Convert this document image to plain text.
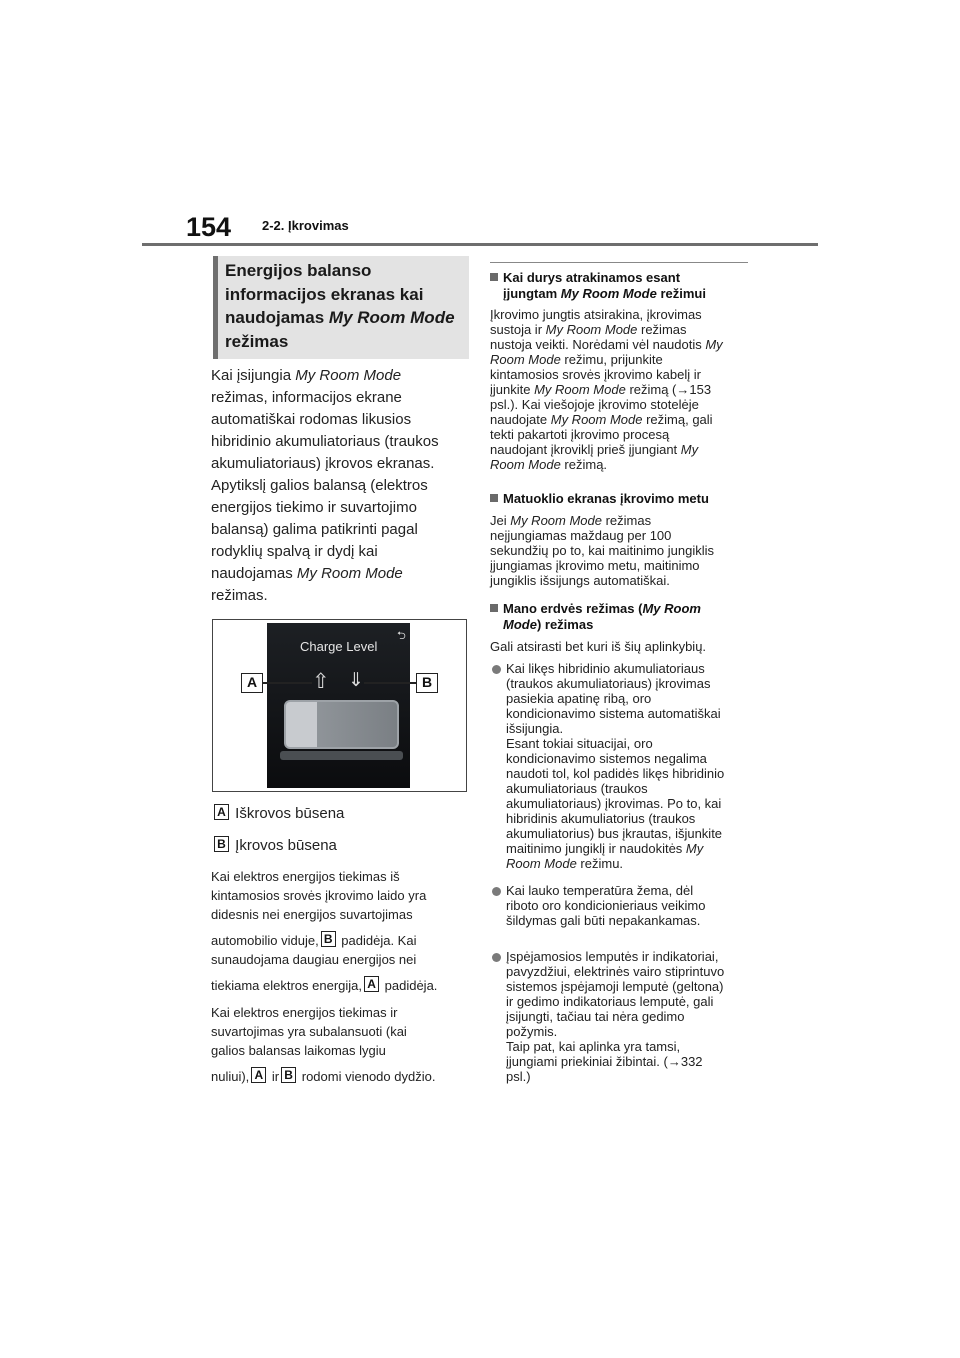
154 2-2. Įkrovimas
Energijos balanso
informacijos ekranas kai
naudojamas My Room Mode
režimas
Kai įsijungia My Room Mode
režimas, informacijos ekrane
automatiškai rodomas likusios
hibridinio akumuliatoriaus (traukos
akumuliatoriaus) įkrovos ekranas.
Apytikslį galios balansą (elektros
energijos tiekimo ir suvartojimo
balansą) galima patikrinti pagal
rodyklių spalvą ir dydį kai
naudojamas My Room Mode
režimas.
⮌
Charge Level
⇧ ⇓
A	B
A Iškrovos būsena
B Įkrovos būsena
Kai elektros energijos tiekimas iš
kintamosios srovės įkrovimo laido yra
didesnis nei energijos suvartojimas
automobilio viduje, B padidėja. Kai
sunaudojama daugiau energijos nei
tiekiama elektros energija, A padidėja.
Kai elektros energijos tiekimas ir
suvartojimas yra subalansuoti (kai
galios balansas laikomas lygiu
nuliui), A ir B rodomi vienodo dydžio.
Kai durys atrakinamos esant
įjungtam My Room Mode režimui
Įkrovimo jungtis atsirakina, įkrovimas
sustoja ir My Room Mode režimas
nustoja veikti. Norėdami vėl naudotis My
Room Mode režimu, prijunkite
kintamosios srovės įkrovimo kabelį ir
įjunkite My Room Mode režimą (→153
psl.). Kai viešojoje įkrovimo stotelėje
naudojate My Room Mode režimą, gali
tekti pakartoti įkrovimo procesą
naudojant įkroviklį prieš įjungiant My
Room Mode režimą.
Matuoklio ekranas įkrovimo metu
Jei My Room Mode režimas
neįjungiamas maždaug per 100
sekundžių po to, kai maitinimo jungiklis
įjungiamas įkrovimo metu, maitinimo
jungiklis išsijungs automatiškai.
Mano erdvės režimas (My Room
Mode) režimas
Gali atsirasti bet kuri iš šių aplinkybių.
Kai likęs hibridinio akumuliatoriaus
(traukos akumuliatoriaus) įkrovimas
pasiekia apatinę ribą, oro
kondicionavimo sistema automatiškai
išsijungia.
Esant tokiai situacijai, oro
kondicionavimo sistemos negalima
naudoti tol, kol padidės likęs hibridinio
akumuliatoriaus (traukos
akumuliatoriaus) įkrovimas. Po to, kai
hibridinis akumuliatorius (traukos
akumuliatorius) bus įkrautas, išjunkite
maitinimo jungiklį ir naudokitės My
Room Mode režimu.
Kai lauko temperatūra žema, dėl
riboto oro kondicionieriaus veikimo
šildymas gali būti nepakankamas.
Įspėjamosios lemputės ir indikatoriai,
pavyzdžiui, elektrinės vairo stiprintuvo
sistemos įspėjamoji lemputė (geltona)
ir gedimo indikatoriaus lemputė, gali
įsijungti, tačiau tai nėra gedimo
požymis.
Taip pat, kai aplinka yra tamsi,
įjungiami priekiniai žibintai. (→332
psl.)
